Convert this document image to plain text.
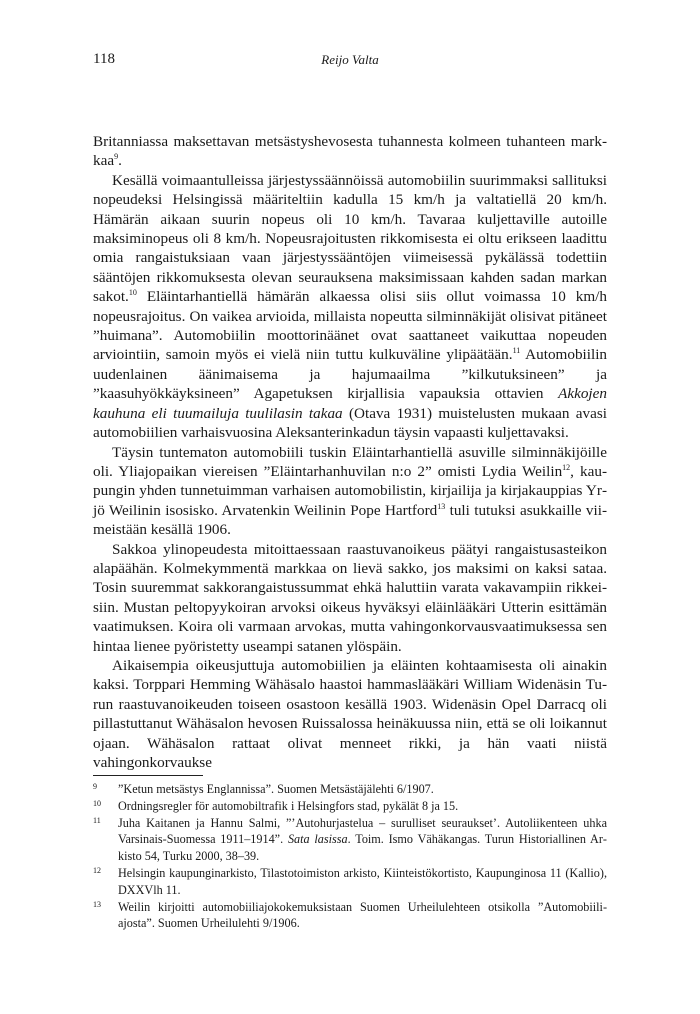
118	Reijo Valta

Britanniassa maksettavan metsästyshevosesta tuhannesta kolmeen tuhanteen markkaa$^9$.

Kesällä voimaantulleissa järjestyssäännöissä automobiilin suurimmaksi sallituksi nopeudeksi Helsingissä määriteltiin kadulla 15 km/h ja valtatiellä 20 km/h. Hämärän aikaan suurin nopeus oli 10 km/h. Tavaraa kuljettaville autoille maksiminopeus oli 8 km/h. Nopeusrajoitusten rikkomisesta ei oltu erikseen laadittu omia rangaistuksiaan vaan järjestyssääntöjen viimeisessä pykälässä todettiin sääntöjen rikkomuksesta olevan seurauksena maksimissaan kahden sadan markan sakot.$^{10}$ Eläintarhantiellä hämärän alkaessa olisi siis ollut voimassa 10 km/h nopeusrajoitus. On vaikea arvioida, millaista nopeutta silminnäkijät olisivat pitäneet ”huimana”. Automobiilin moottorinäänet ovat saattaneet vaikuttaa nopeuden arviointiin, samoin myös ei vielä niin tuttu kulkuväline ylipäätään.$^{11}$ Automobiilin uudenlainen äänimaisema ja hajumaailma ”kilkutuksineen” ja ”kaasuhyökkäyksineen” Agapetuksen kirjallisia vapauksia ottavien Akkojen kauhuna eli tuumailuja tuulilasin takaa (Otava 1931) muistelusten mukaan avasi automobiilien varhaisvuosina Aleksanterinkadun täysin vapaasti kuljettavaksi.

Täysin tuntematon automobiili tuskin Eläintarhantiellä asuville silminnäkijöille oli. Yliajopaikan viereisen ”Eläintarhanhuvilan n:o 2” omisti Lydia Weilin$^{12}$, kaupungin yhden tunnetuimman varhaisen automobilistin, kirjailija ja kirjakauppias Yrjö Weilinin isosisko. Arvatenkin Weilinin Pope Hartford$^{13}$ tuli tutuksi asukkaille viimeistään kesällä 1906.

Sakkoa ylinopeudesta mitoittaessaan raastuvanoikeus päätyi rangaistusasteikon alapäähän. Kolmekymmentä markkaa on lievä sakko, jos maksimi on kaksi sataa. Tosin suuremmat sakkorangaistussummat ehkä haluttiin varata vakavampiin rikkeisiin. Mustan peltopyykoiran arvoksi oikeus hyväksyi eläinlääkäri Utterin esittämän vaatimuksen. Koira oli varmaan arvokas, mutta vahingonkorvausvaatimuksessa sen hintaa lienee pyöristetty useampi satanen ylöspäin.

Aikaisempia oikeusjuttuja automobiilien ja eläinten kohtaamisesta oli ainakin kaksi. Torppari Hemming Wähäsalo haastoi hammaslääkäri William Widenäsin Turun raastuvanoikeuden toiseen osastoon kesällä 1903. Widenäsin Opel Darracq oli pillastuttanut Wähäsalon hevosen Ruissalossa heinäkuussa niin, että se oli loikannut ojaan. Wähäsalon rattaat olivat menneet rikki, ja hän vaati niistä vahingonkorvaukse

9	”Ketun metsästys Englannissa”. Suomen Metsästäjälehti 6/1907.
10	Ordningsregler för automobiltrafik i Helsingfors stad, pykälät 8 ja 15.
11	Juha Kaitanen ja Hannu Salmi, ”’Autohurjastelua – surulliset seuraukset’. Autoliikenteen uhka Varsinais-Suomessa 1911–1914”. Sata lasissa. Toim. Ismo Vähäkangas. Turun Historiallinen Arkisto 54, Turku 2000, 38–39.
12	Helsingin kaupunginarkisto, Tilastotoimiston arkisto, Kiinteistökortisto, Kaupunginosa 11 (Kallio), DXXVlh 11.
13	Weilin kirjoitti automobiiliajokokemuksistaan Suomen Urheilulehteen otsikolla ”Automobiiliajosta”. Suomen Urheilulehti 9/1906.
